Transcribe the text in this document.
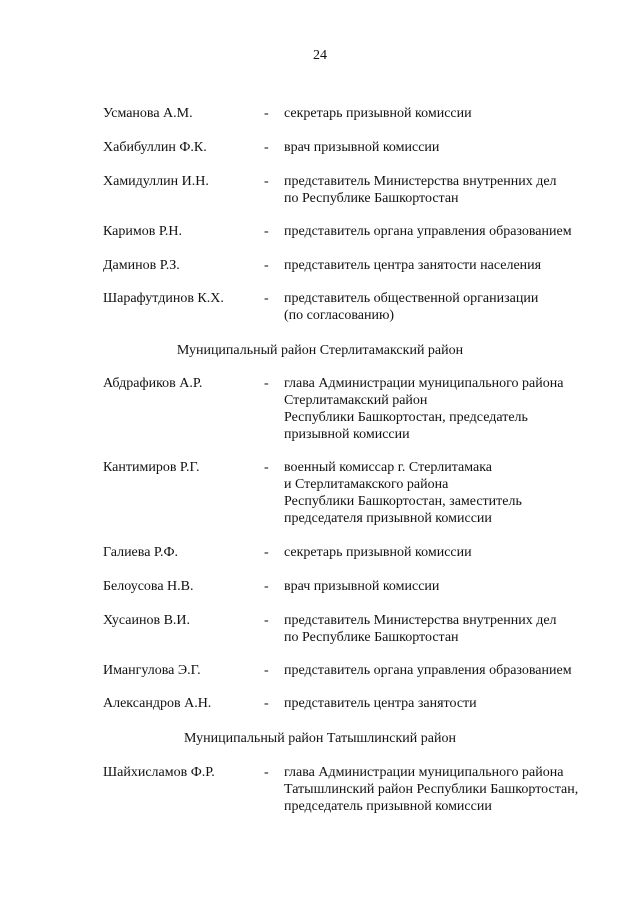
24
Усманова А.М.	- секретарь призывной комиссии
Хабибуллин Ф.К.	- врач призывной комиссии
Хамидуллин И.Н.	- представитель Министерства внутренних дел
по Республике Башкортостан
Каримов Р.Н.	- представитель органа управления образованием
Даминов Р.З.	- представитель центра занятости населения
Шарафутдинов К.Х.	- представитель общественной организации
(по согласованию)
Муниципальный район Стерлитамакский район
Абдрафиков А.Р.	- глава Администрации муниципального района
Стерлитамакский район
Республики Башкортостан, председатель
призывной комиссии
Кантимиров Р.Г.	- военный комиссар г. Стерлитамака
и Стерлитамакского района
Республики Башкортостан, заместитель
председателя призывной комиссии
Галиева Р.Ф.	- секретарь призывной комиссии
Белоусова Н.В.	- врач призывной комиссии
Хусаинов В.И.	- представитель Министерства внутренних дел
по Республике Башкортостан
Имангулова Э.Г.	- представитель органа управления образованием
Александров А.Н.	- представитель центра занятости
Муниципальный район Татышлинский район
Шайхисламов Ф.Р.	- глава Администрации муниципального района
Татышлинский район Республики Башкортостан,
председатель призывной комиссии
